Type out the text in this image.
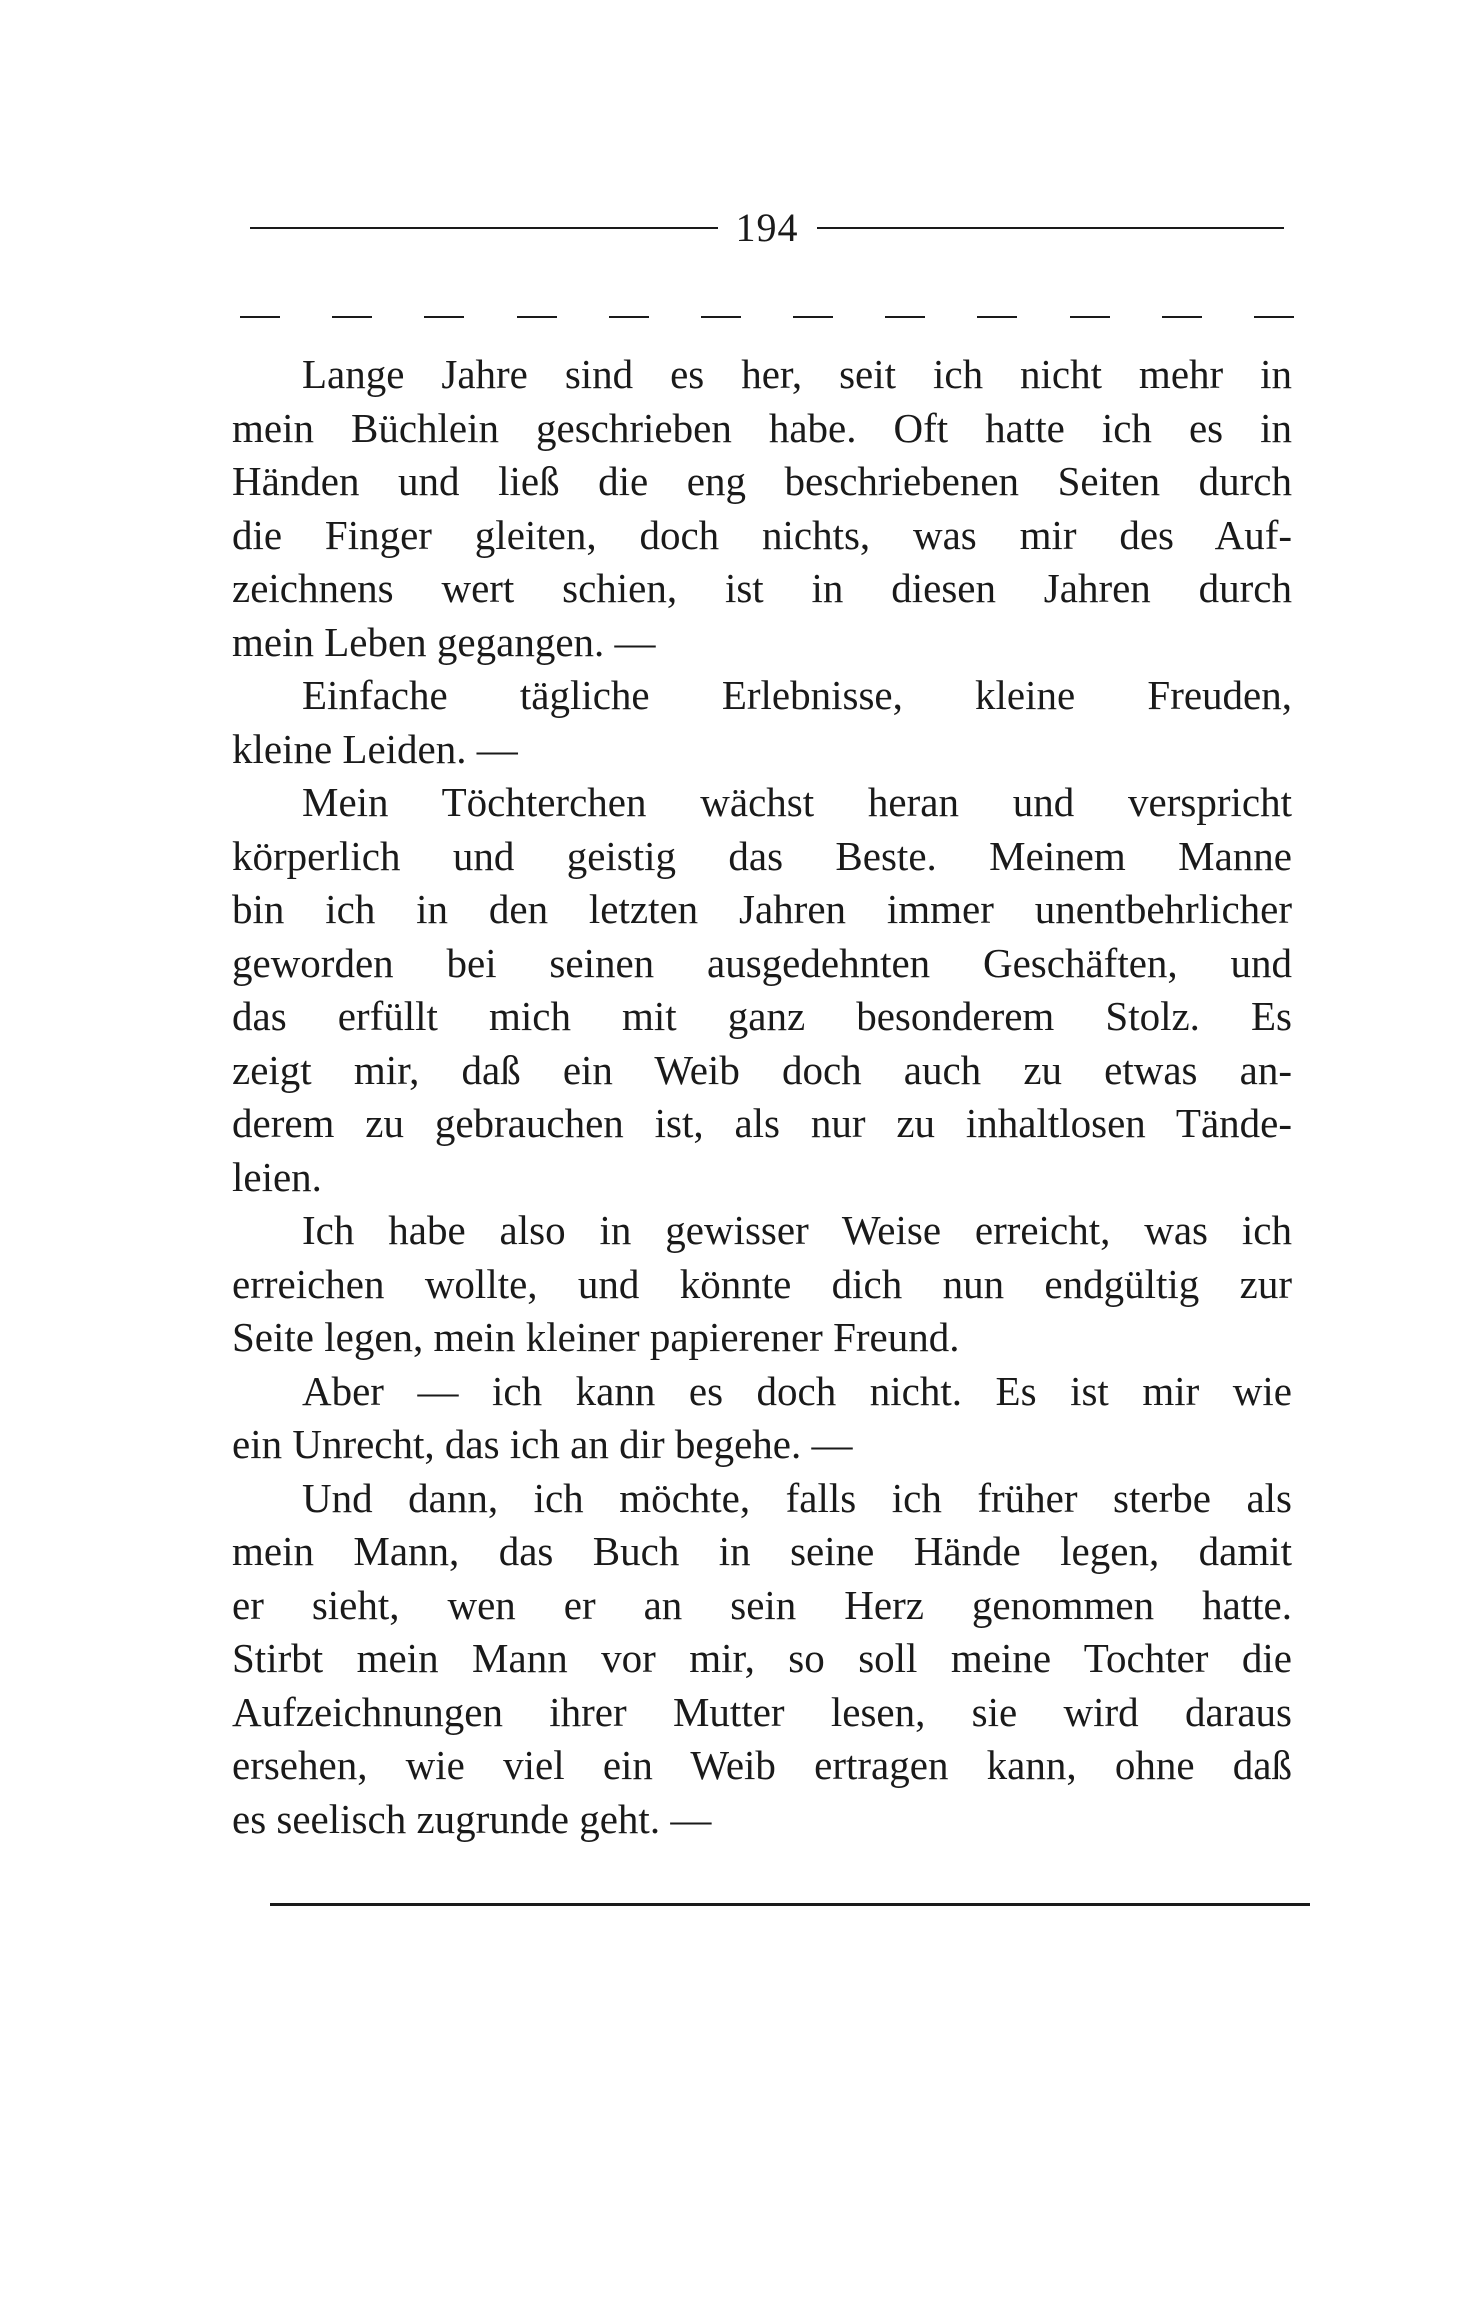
194

Lange Jahre sind es her, seit ich nicht mehr in
mein Büchlein geschrieben habe. Oft hatte ich es in
Händen und ließ die eng beschriebenen Seiten durch
die Finger gleiten, doch nichts, was mir des Auf-
zeichnens wert schien, ist in diesen Jahren durch
mein Leben gegangen. —

Einfache tägliche Erlebnisse, kleine Freuden,
kleine Leiden. —

Mein Töchterchen wächst heran und verspricht
körperlich und geistig das Beste. Meinem Manne
bin ich in den letzten Jahren immer unentbehrlicher
geworden bei seinen ausgedehnten Geschäften, und
das erfüllt mich mit ganz besonderem Stolz. Es
zeigt mir, daß ein Weib doch auch zu etwas an-
derem zu gebrauchen ist, als nur zu inhaltlosen Tände-
leien.

Ich habe also in gewisser Weise erreicht, was ich
erreichen wollte, und könnte dich nun endgültig zur
Seite legen, mein kleiner papierener Freund.

Aber — ich kann es doch nicht. Es ist mir wie
ein Unrecht, das ich an dir begehe. —

Und dann, ich möchte, falls ich früher sterbe als
mein Mann, das Buch in seine Hände legen, damit
er sieht, wen er an sein Herz genommen hatte.
Stirbt mein Mann vor mir, so soll meine Tochter die
Aufzeichnungen ihrer Mutter lesen, sie wird daraus
ersehen, wie viel ein Weib ertragen kann, ohne daß
es seelisch zugrunde geht. —
